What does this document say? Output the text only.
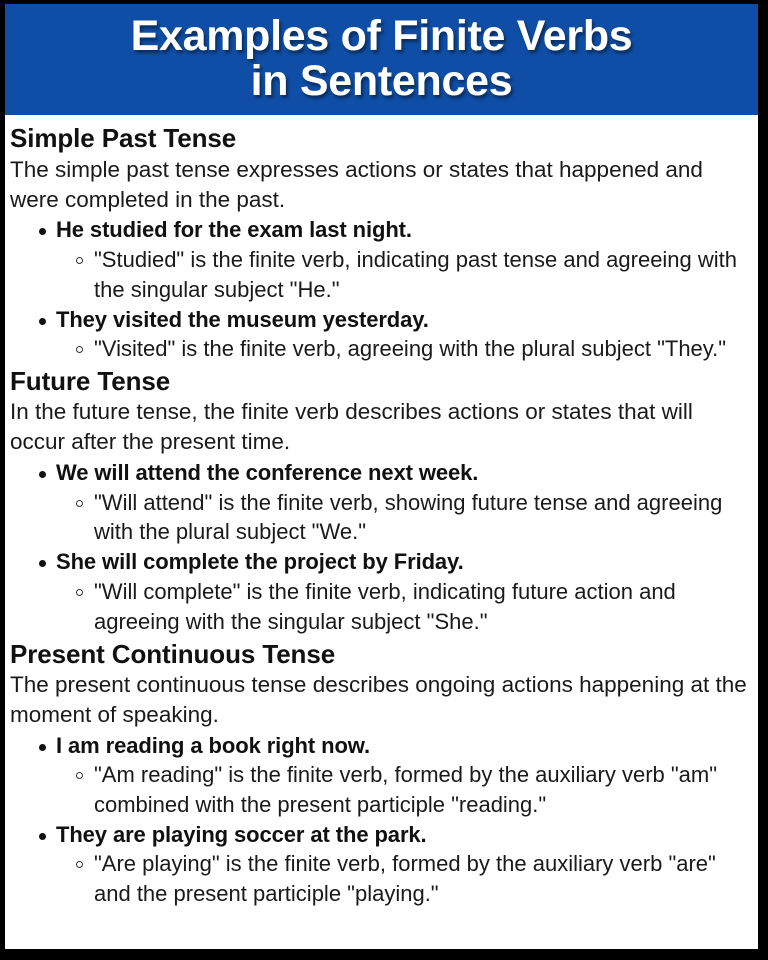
Examples of Finite Verbs
in Sentences
Simple Past Tense

The simple past tense expresses actions or states that happened and were completed in the past.

He studied for the exam last night.
"Studied" is the finite verb, indicating past tense and agreeing with the singular subject "He."
They visited the museum yesterday.
"Visited" is the finite verb, agreeing with the plural subject "They."
Future Tense

In the future tense, the finite verb describes actions or states that will occur after the present time.

We will attend the conference next week.
"Will attend" is the finite verb, showing future tense and agreeing with the plural subject "We."
She will complete the project by Friday.
"Will complete" is the finite verb, indicating future action and agreeing with the singular subject "She."
Present Continuous Tense

The present continuous tense describes ongoing actions happening at the moment of speaking.

I am reading a book right now.
"Am reading" is the finite verb, formed by the auxiliary verb "am" combined with the present participle "reading."
They are playing soccer at the park.
"Are playing" is the finite verb, formed by the auxiliary verb "are" and the present participle "playing."
